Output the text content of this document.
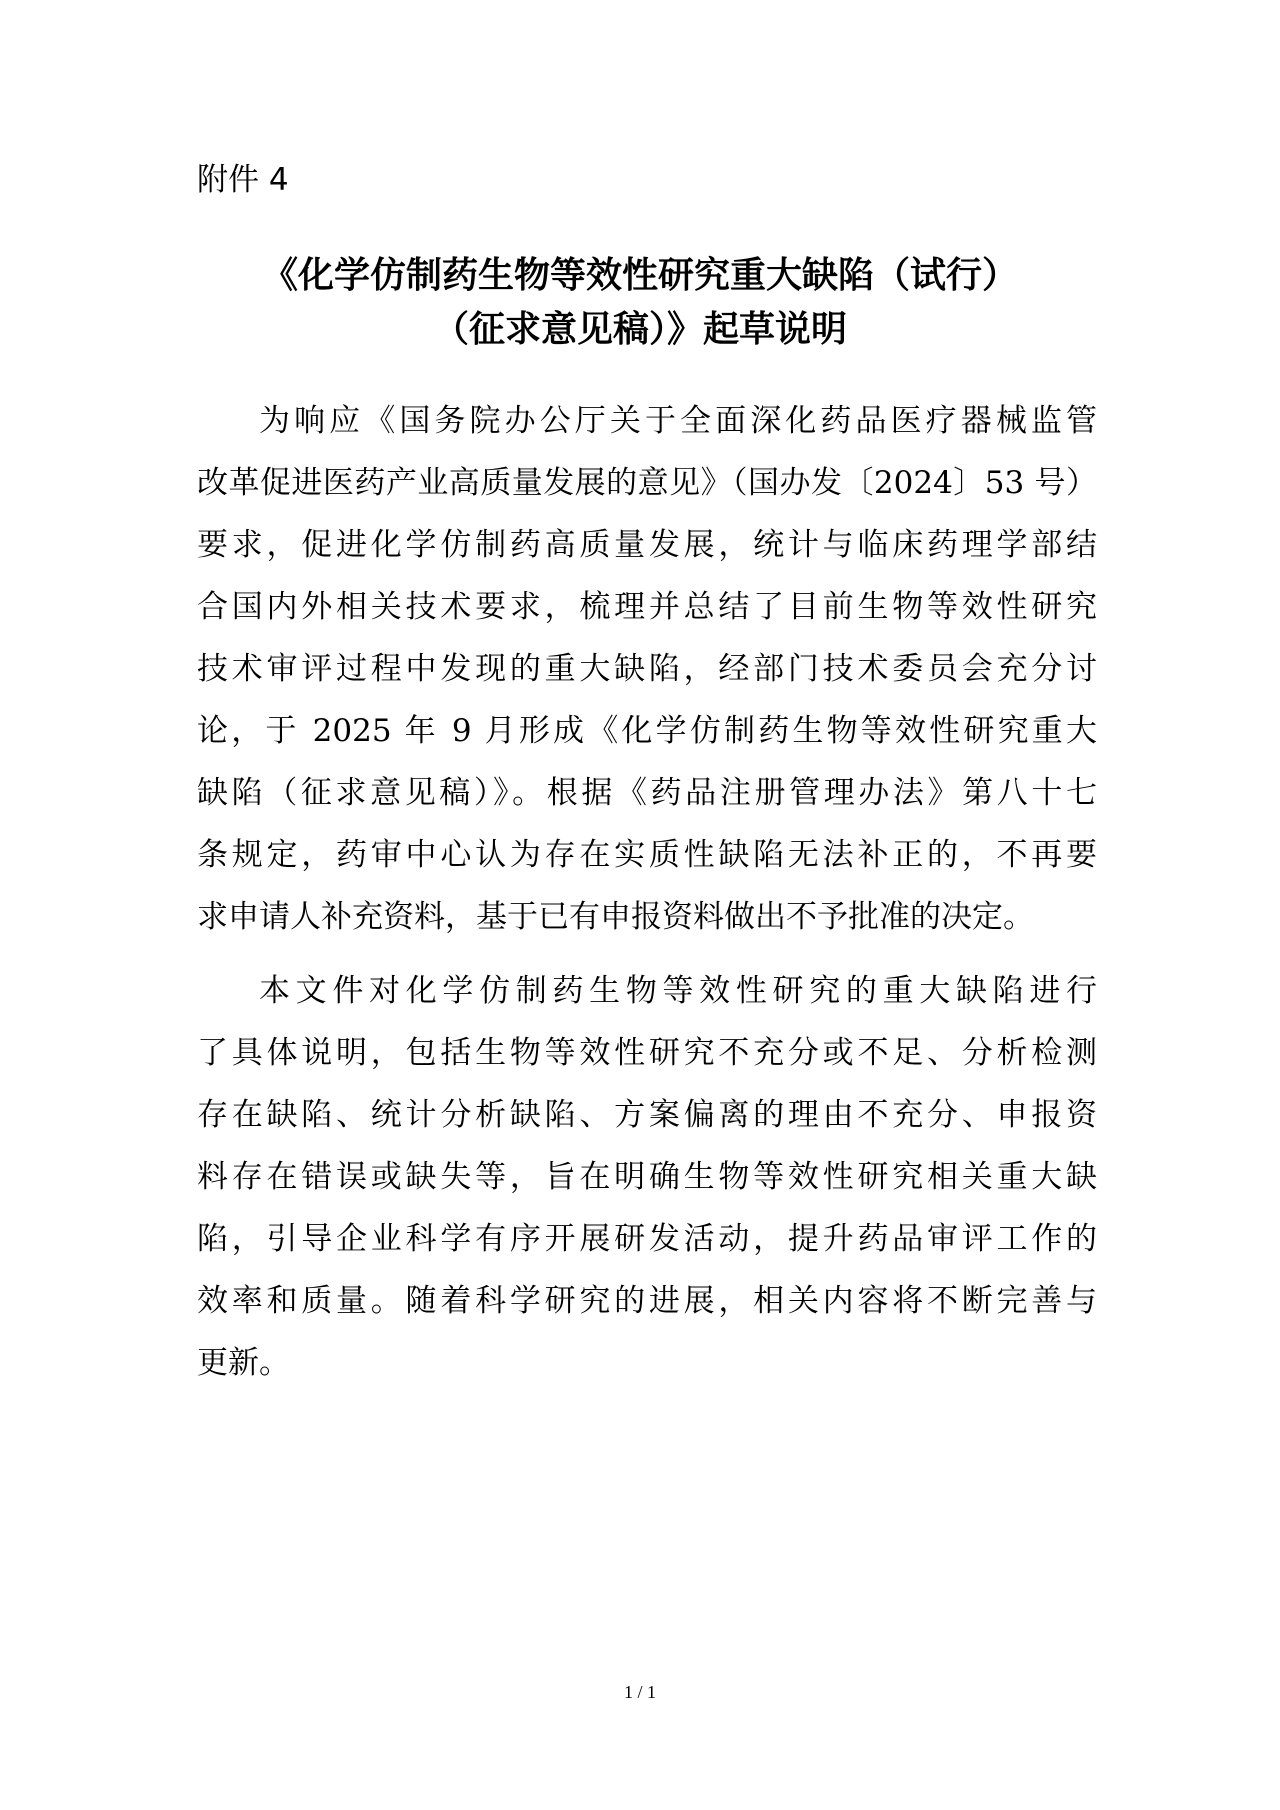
附件 4
《化学仿制药生物等效性研究重大缺陷（试行）
（征求意见稿）》起草说明
为响应《国务院办公厅关于全面深化药品医疗器械监管
改革促进医药产业高质量发展的意见》（国办发〔2024〕53 号）
要求，促进化学仿制药高质量发展，统计与临床药理学部结
合国内外相关技术要求，梳理并总结了目前生物等效性研究
技术审评过程中发现的重大缺陷，经部门技术委员会充分讨
论，于 2025 年 9 月形成《化学仿制药生物等效性研究重大
缺陷（征求意见稿）》。根据《药品注册管理办法》第八十七
条规定，药审中心认为存在实质性缺陷无法补正的，不再要
求申请人补充资料，基于已有申报资料做出不予批准的决定。
本文件对化学仿制药生物等效性研究的重大缺陷进行
了具体说明，包括生物等效性研究不充分或不足、分析检测
存在缺陷、统计分析缺陷、方案偏离的理由不充分、申报资
料存在错误或缺失等，旨在明确生物等效性研究相关重大缺
陷，引导企业科学有序开展研发活动，提升药品审评工作的
效率和质量。随着科学研究的进展，相关内容将不断完善与
更新。
1 / 1
